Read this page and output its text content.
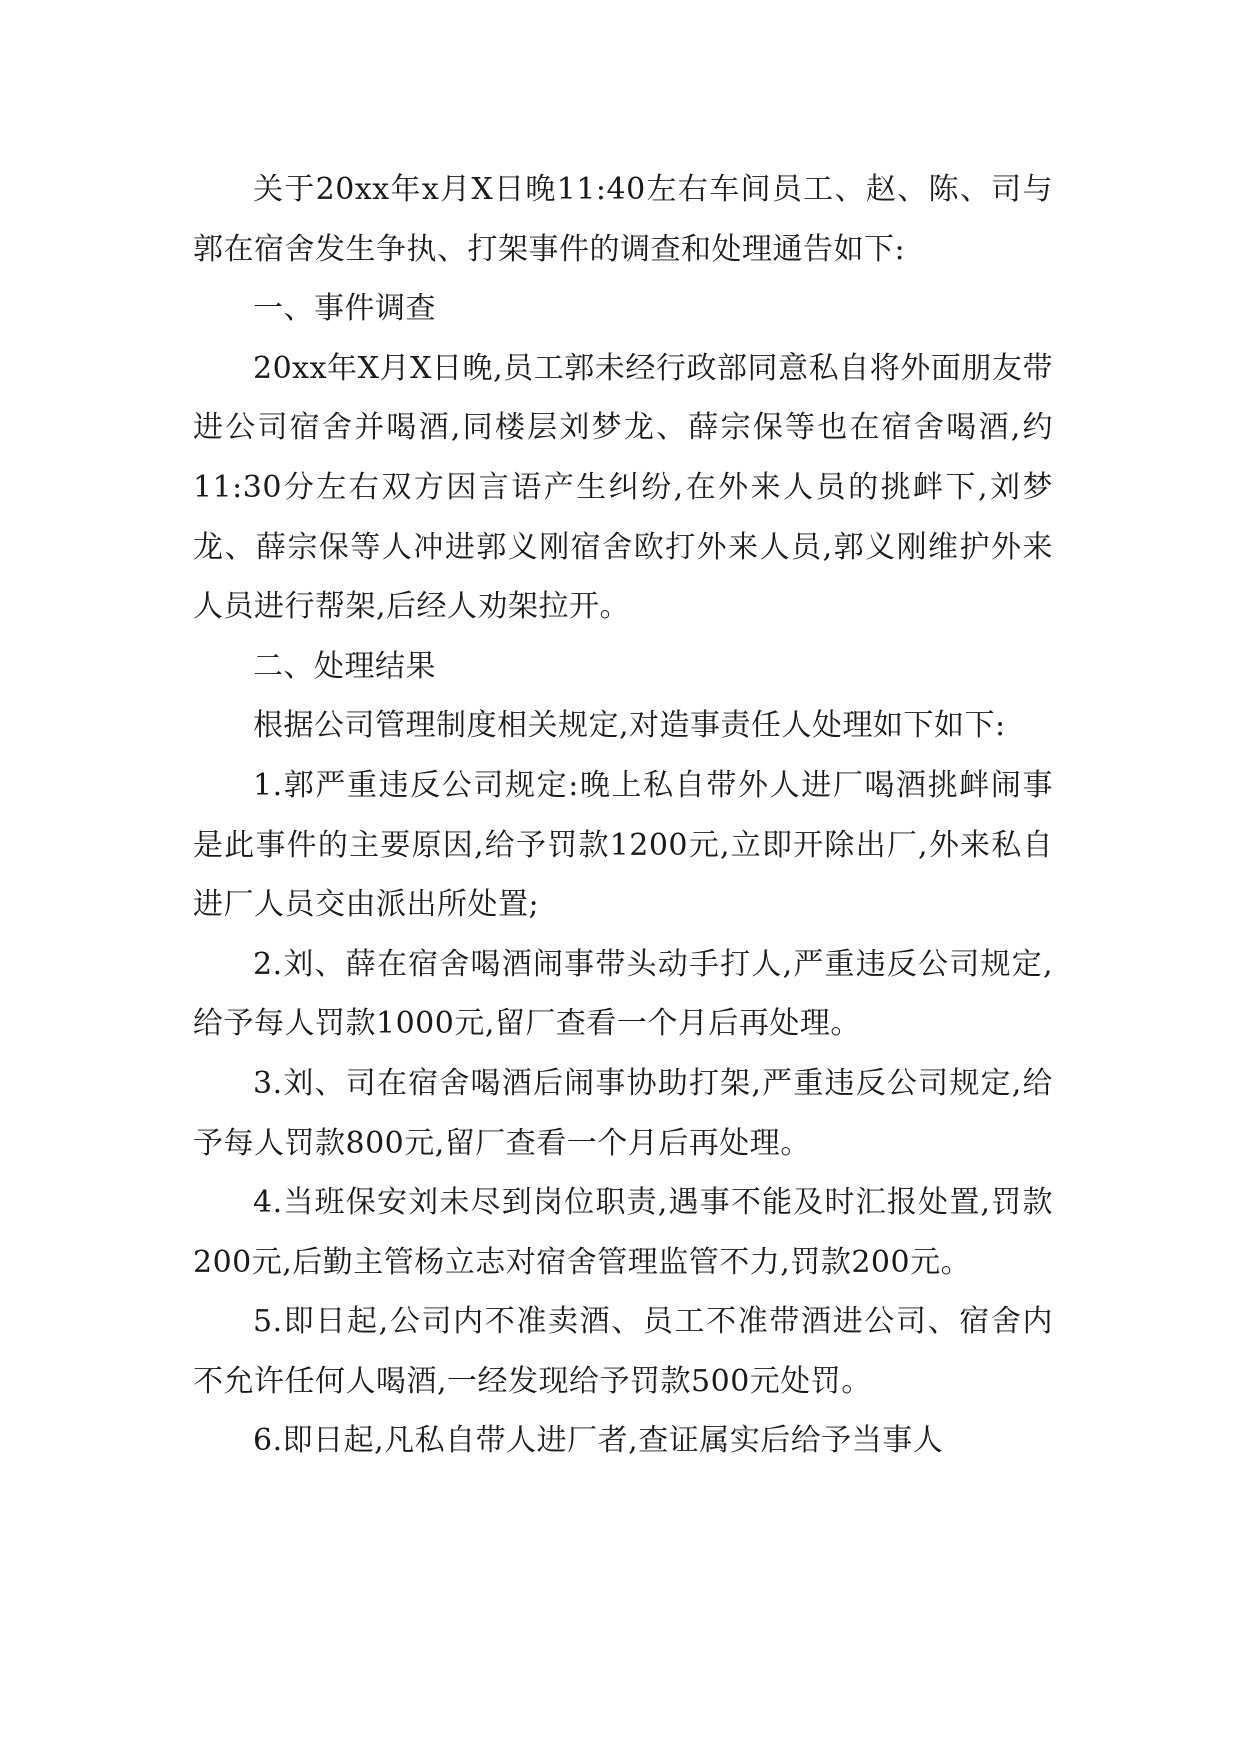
关于20xx年x月X日晚11:40左右车间员工、赵、陈、司与郭在宿舍发生争执、打架事件的调查和处理通告如下:

一、事件调查

20xx年X月X日晚,员工郭未经行政部同意私自将外面朋友带进公司宿舍并喝酒,同楼层刘梦龙、薛宗保等也在宿舍喝酒,约11:30分左右双方因言语产生纠纷,在外来人员的挑衅下,刘梦龙、薛宗保等人冲进郭义刚宿舍欧打外来人员,郭义刚维护外来人员进行帮架,后经人劝架拉开。

二、处理结果

根据公司管理制度相关规定,对造事责任人处理如下如下:

1.郭严重违反公司规定:晚上私自带外人进厂喝酒挑衅闹事是此事件的主要原因,给予罚款1200元,立即开除出厂,外来私自进厂人员交由派出所处置;

2.刘、薛在宿舍喝酒闹事带头动手打人,严重违反公司规定,给予每人罚款1000元,留厂查看一个月后再处理。

3.刘、司在宿舍喝酒后闹事协助打架,严重违反公司规定,给予每人罚款800元,留厂查看一个月后再处理。

4.当班保安刘未尽到岗位职责,遇事不能及时汇报处置,罚款200元,后勤主管杨立志对宿舍管理监管不力,罚款200元。

5.即日起,公司内不准卖酒、员工不准带酒进公司、宿舍内不允许任何人喝酒,一经发现给予罚款500元处罚。

6.即日起,凡私自带人进厂者,查证属实后给予当事人
